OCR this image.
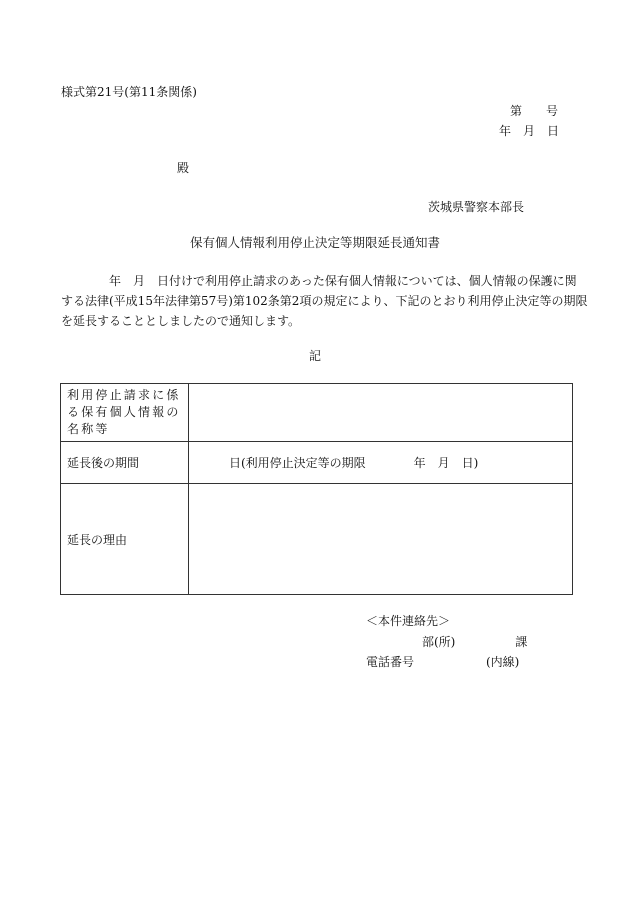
様式第21号(第11条関係)
第　　号
年　月　日
殿
茨城県警察本部長
保有個人情報利用停止決定等期限延長通知書
　　　　年　月　日付けで利用停止請求のあった保有個人情報については、個人情報の保護に関
する法律(平成15年法律第57号)第102条第2項の規定により、下記のとおり利用停止決定等の期限
を延長することとしましたので通知します。
記
利用停止請求に係る保有個人情報の名称等	
延長後の期間	日(利用停止決定等の期限　　　　年　月　日)
延長の理由	
＜本件連絡先＞
部(所)　　　　　課
電話番号　　　　　　(内線)
